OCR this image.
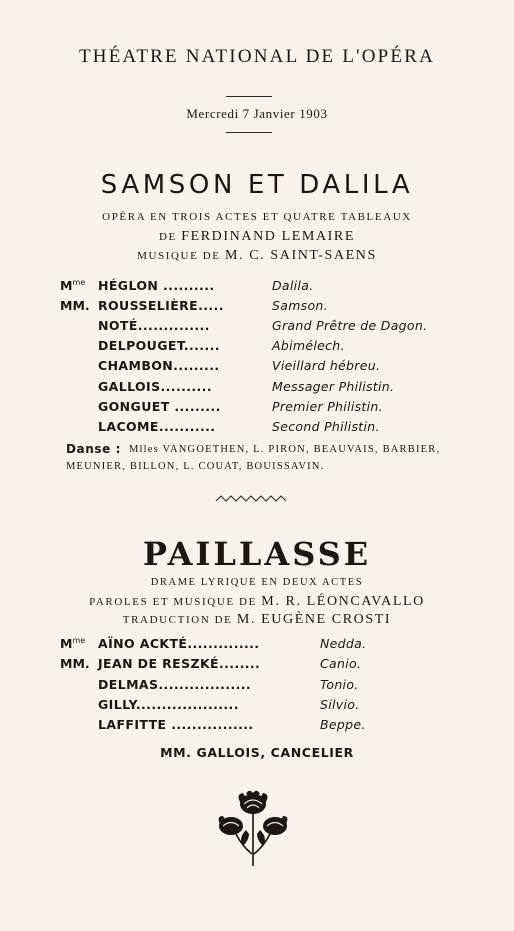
THÉATRE NATIONAL DE L'OPÉRA
Mercredi 7 Janvier 1903
SAMSON ET DALILA
OPÉRA EN TROIS ACTES ET QUATRE TABLEAUX
DE FERDINAND LEMAIRE
MUSIQUE DE M. C. SAINT-SAENS
$M^{me}$ HÉGLON ..........	Dalila.
MM. ROUSSELIÈRE.....	Samson.
NOTÉ..............	Grand Prêtre de Dagon.
DELPOUGET.......	Abimélech.
CHAMBON.........	Vieillard hébreu.
GALLOIS..........	Messager Philistin.
GONGUET .........	Premier Philistin.
LACOME...........	Second Philistin.
Danse : Mlles VANGOETHEN, L. PIRON, BEAUVAIS, BARBIER,
MEUNIER, BILLON, L. COUAT, BOUISSAVIN.
PAILLASSE
DRAME LYRIQUE EN DEUX ACTES
PAROLES ET MUSIQUE DE M. R. LÉONCAVALLO
TRADUCTION DE M. EUGÈNE CROSTI
$M^{me}$ AÏNO ACKTÉ..............	Nedda.
MM. JEAN DE RESZKÉ........	Canio.
DELMAS..................	Tonio.
GILLY....................	Silvio.
LAFFITTE ................	Beppe.
MM. GALLOIS, CANCELIER
